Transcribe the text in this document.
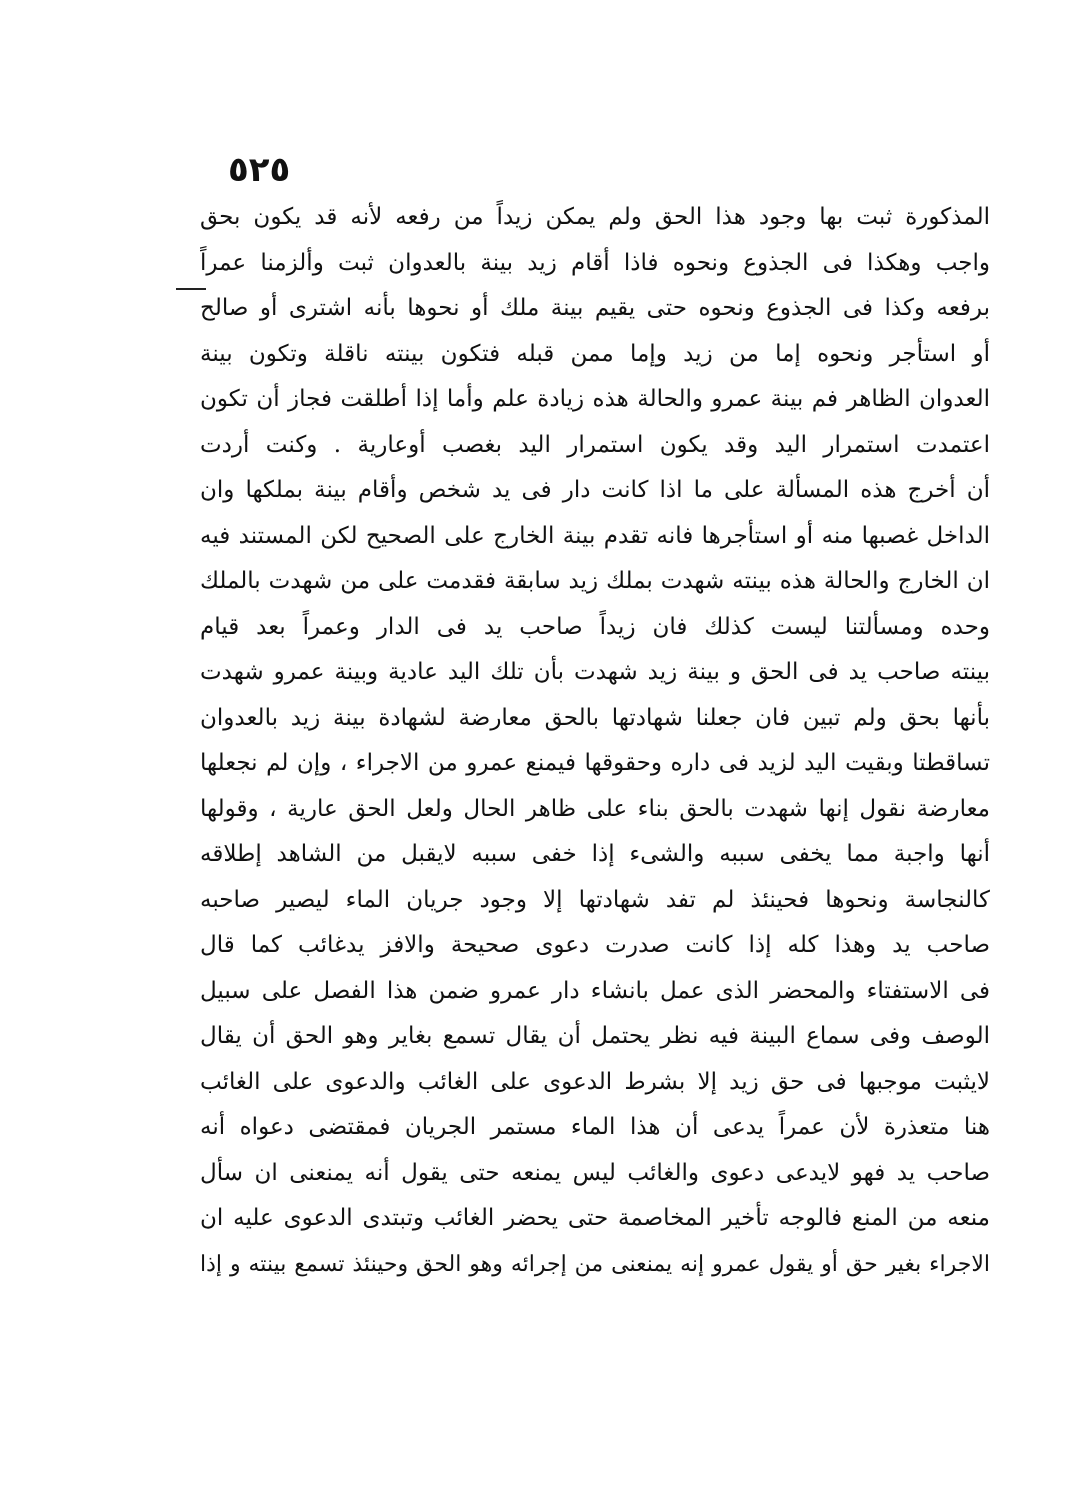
٥٢٥
المذكورة ثبت بها وجود هذا الحق ولم يمكن زيداً من رفعه لأنه قد يكون بحق
واجب وهكذا فى الجذوع ونحوه فاذا أقام زيد بينة بالعدوان ثبت وألزمنا عمراً
برفعه وكذا فى الجذوع ونحوه حتى يقيم بينة ملك أو نحوها بأنه اشترى أو صالح
أو استأجر ونحوه إما من زيد وإما ممن قبله فتكون بينته ناقلة وتكون بينة
العدوان الظاهر فم بينة عمرو والحالة هذه زيادة علم وأما إذا أطلقت فجاز أن تكون
اعتمدت استمرار اليد وقد يكون استمرار اليد بغصب أوعارية . وكنت أردت
أن أخرج هذه المسألة على ما اذا كانت دار فى يد شخص وأقام بينة بملكها وان
الداخل غصبها منه أو استأجرها فانه تقدم بينة الخارج على الصحيح لكن المستند فيه
ان الخارج والحالة هذه بينته شهدت بملك زيد سابقة فقدمت على من شهدت بالملك
وحده ومسألتنا ليست كذلك فان زيداً صاحب يد فى الدار وعمراً بعد قيام
بينته صاحب يد فى الحق و بينة زيد شهدت بأن تلك اليد عادية وبينة عمرو شهدت
بأنها بحق ولم تبين فان جعلنا شهادتها بالحق معارضة لشهادة بينة زيد بالعدوان
تساقطتا وبقيت اليد لزيد فى داره وحقوقها فيمنع عمرو من الاجراء ، وإن لم نجعلها
معارضة نقول إنها شهدت بالحق بناء على ظاهر الحال ولعل الحق عارية ، وقولها
أنها واجبة مما يخفى سببه والشىء إذا خفى سببه لايقبل من الشاهد إطلاقه
كالنجاسة ونحوها فحينئذ لم تفد شهادتها إلا وجود جريان الماء ليصير صاحبه
صاحب يد وهذا كله إذا كانت صدرت دعوى صحيحة والافز يدغائب كما قال
فى الاستفتاء والمحضر الذى عمل بانشاء دار عمرو ضمن هذا الفصل على سبيل
الوصف وفى سماع البينة فيه نظر يحتمل أن يقال تسمع بغاير وهو الحق أن يقال
لايثبت موجبها فى حق زيد إلا بشرط الدعوى على الغائب والدعوى على الغائب
هنا متعذرة لأن عمراً يدعى أن هذا الماء مستمر الجريان فمقتضى دعواه أنه
صاحب يد فهو لايدعى دعوى والغائب ليس يمنعه حتى يقول أنه يمنعنى ان سأل
منعه من المنع فالوجه تأخير المخاصمة حتى يحضر الغائب وتبتدى الدعوى عليه ان
الاجراء بغير حق أو يقول عمرو إنه يمنعنى من إجرائه وهو الحق وحينئذ تسمع بينته و إذا
